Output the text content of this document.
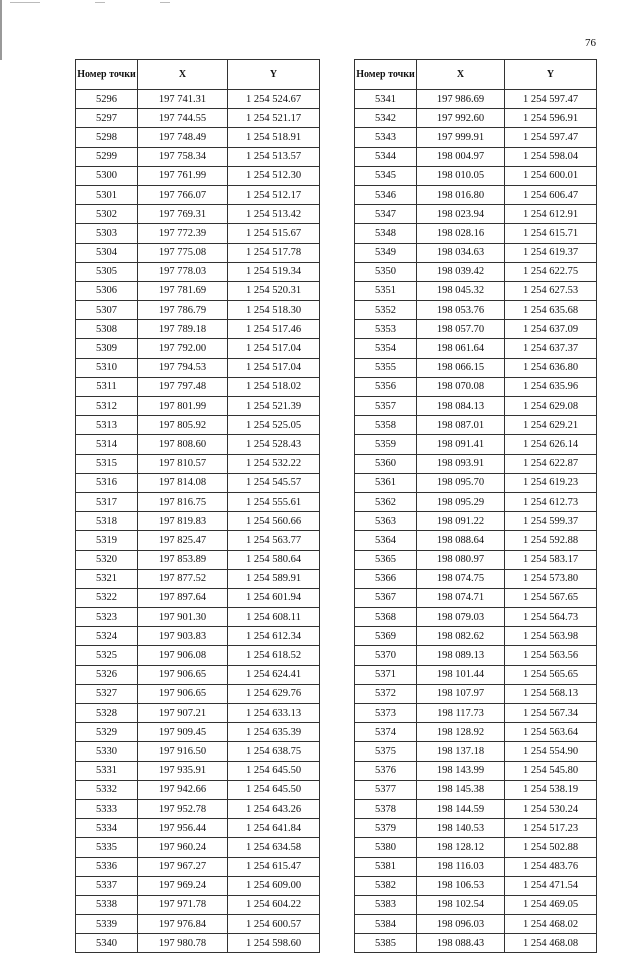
76
Номер точки	X	Y
5296	197 741.31	1 254 524.67
5297	197 744.55	1 254 521.17
5298	197 748.49	1 254 518.91
5299	197 758.34	1 254 513.57
5300	197 761.99	1 254 512.30
5301	197 766.07	1 254 512.17
5302	197 769.31	1 254 513.42
5303	197 772.39	1 254 515.67
5304	197 775.08	1 254 517.78
5305	197 778.03	1 254 519.34
5306	197 781.69	1 254 520.31
5307	197 786.79	1 254 518.30
5308	197 789.18	1 254 517.46
5309	197 792.00	1 254 517.04
5310	197 794.53	1 254 517.04
5311	197 797.48	1 254 518.02
5312	197 801.99	1 254 521.39
5313	197 805.92	1 254 525.05
5314	197 808.60	1 254 528.43
5315	197 810.57	1 254 532.22
5316	197 814.08	1 254 545.57
5317	197 816.75	1 254 555.61
5318	197 819.83	1 254 560.66
5319	197 825.47	1 254 563.77
5320	197 853.89	1 254 580.64
5321	197 877.52	1 254 589.91
5322	197 897.64	1 254 601.94
5323	197 901.30	1 254 608.11
5324	197 903.83	1 254 612.34
5325	197 906.08	1 254 618.52
5326	197 906.65	1 254 624.41
5327	197 906.65	1 254 629.76
5328	197 907.21	1 254 633.13
5329	197 909.45	1 254 635.39
5330	197 916.50	1 254 638.75
5331	197 935.91	1 254 645.50
5332	197 942.66	1 254 645.50
5333	197 952.78	1 254 643.26
5334	197 956.44	1 254 641.84
5335	197 960.24	1 254 634.58
5336	197 967.27	1 254 615.47
5337	197 969.24	1 254 609.00
5338	197 971.78	1 254 604.22
5339	197 976.84	1 254 600.57
5340	197 980.78	1 254 598.60
Номер точки	X	Y
5341	197 986.69	1 254 597.47
5342	197 992.60	1 254 596.91
5343	197 999.91	1 254 597.47
5344	198 004.97	1 254 598.04
5345	198 010.05	1 254 600.01
5346	198 016.80	1 254 606.47
5347	198 023.94	1 254 612.91
5348	198 028.16	1 254 615.71
5349	198 034.63	1 254 619.37
5350	198 039.42	1 254 622.75
5351	198 045.32	1 254 627.53
5352	198 053.76	1 254 635.68
5353	198 057.70	1 254 637.09
5354	198 061.64	1 254 637.37
5355	198 066.15	1 254 636.80
5356	198 070.08	1 254 635.96
5357	198 084.13	1 254 629.08
5358	198 087.01	1 254 629.21
5359	198 091.41	1 254 626.14
5360	198 093.91	1 254 622.87
5361	198 095.70	1 254 619.23
5362	198 095.29	1 254 612.73
5363	198 091.22	1 254 599.37
5364	198 088.64	1 254 592.88
5365	198 080.97	1 254 583.17
5366	198 074.75	1 254 573.80
5367	198 074.71	1 254 567.65
5368	198 079.03	1 254 564.73
5369	198 082.62	1 254 563.98
5370	198 089.13	1 254 563.56
5371	198 101.44	1 254 565.65
5372	198 107.97	1 254 568.13
5373	198 117.73	1 254 567.34
5374	198 128.92	1 254 563.64
5375	198 137.18	1 254 554.90
5376	198 143.99	1 254 545.80
5377	198 145.38	1 254 538.19
5378	198 144.59	1 254 530.24
5379	198 140.53	1 254 517.23
5380	198 128.12	1 254 502.88
5381	198 116.03	1 254 483.76
5382	198 106.53	1 254 471.54
5383	198 102.54	1 254 469.05
5384	198 096.03	1 254 468.02
5385	198 088.43	1 254 468.08
